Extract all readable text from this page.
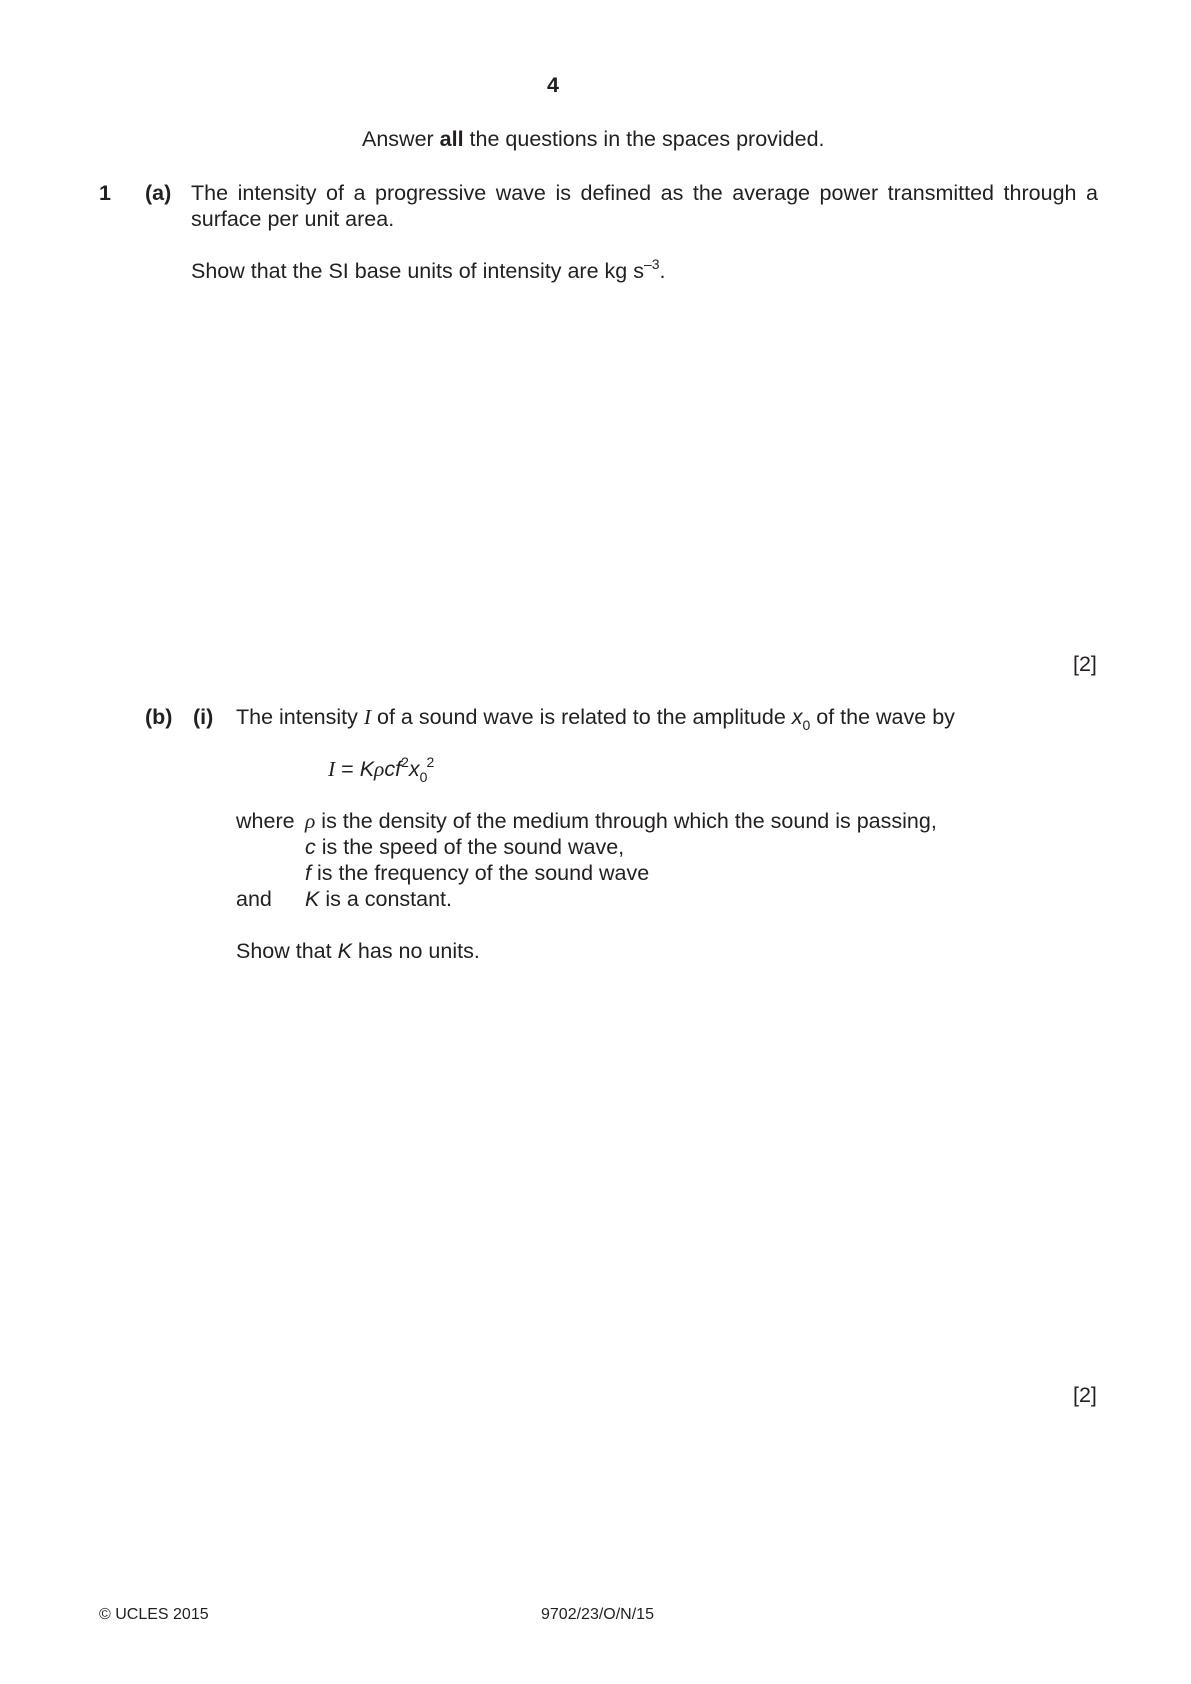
4
Answer all the questions in the spaces provided.
1 (a) The intensity of a progressive wave is defined as the average power transmitted through a
surface per unit area.
Show that the SI base units of intensity are kg $s^{-3}$.
[2]
(b) (i) The intensity I of a sound wave is related to the amplitude $x_0$ of the wave by
$I = K\rho cf^2x_0^2$
where ρ is the density of the medium through which the sound is passing,
c is the speed of the sound wave,
f is the frequency of the sound wave
and K is a constant.
Show that K has no units.
[2]
© UCLES 2015	9702/23/O/N/15
